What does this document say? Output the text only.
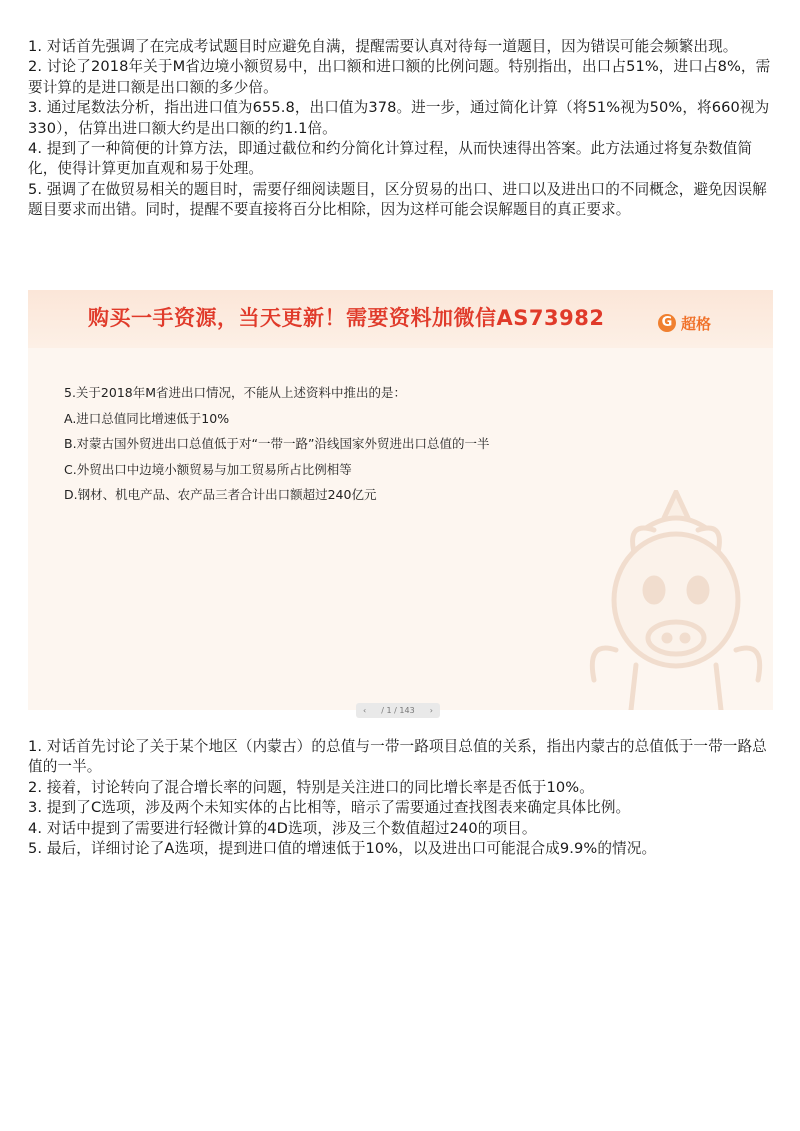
1. 对话首先强调了在完成考试题目时应避免自满，提醒需要认真对待每一道题目，因为错误可能会频繁出现。

2. 讨论了2018年关于M省边境小额贸易中，出口额和进口额的比例问题。特别指出，出口占51%，进口占8%，需要计算的是进口额是出口额的多少倍。

3. 通过尾数法分析，指出进口值为655.8，出口值为378。进一步，通过简化计算（将51%视为50%，将660视为330），估算出进口额大约是出口额的约1.1倍。

4. 提到了一种简便的计算方法，即通过截位和约分简化计算过程，从而快速得出答案。此方法通过将复杂数值简化，使得计算更加直观和易于处理。

5. 强调了在做贸易相关的题目时，需要仔细阅读题目，区分贸易的出口、进口以及进出口的不同概念，避免因误解题目要求而出错。同时，提醒不要直接将百分比相除，因为这样可能会误解题目的真正要求。

购买一手资源，当天更新！需要资料加微信AS73982	G 超格
5.关于2018年M省进出口情况，不能从上述资料中推出的是：
A.进口总值同比增速低于10%
B.对蒙古国外贸进出口总值低于对“一带一路”沿线国家外贸进出口总值的一半
C.外贸出口中边境小额贸易与加工贸易所占比例相等
D.钢材、机电产品、农产品三者合计出口额超过240亿元
‹ / 1 / 143 ›

1. 对话首先讨论了关于某个地区（内蒙古）的总值与一带一路项目总值的关系，指出内蒙古的总值低于一带一路总值的一半。

2. 接着，讨论转向了混合增长率的问题，特别是关注进口的同比增长率是否低于10%。

3. 提到了C选项，涉及两个未知实体的占比相等，暗示了需要通过查找图表来确定具体比例。

4. 对话中提到了需要进行轻微计算的4D选项，涉及三个数值超过240的项目。

5. 最后，详细讨论了A选项，提到进口值的增速低于10%，以及进出口可能混合成9.9%的情况。
